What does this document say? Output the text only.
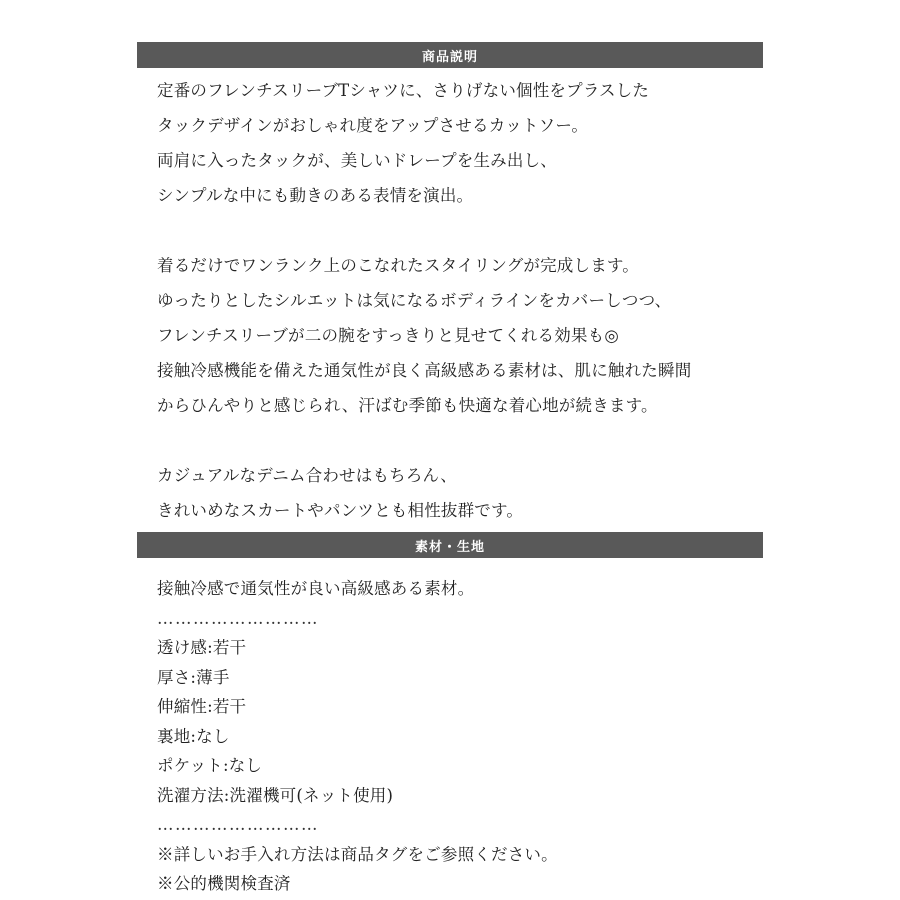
商品説明
定番のフレンチスリーブTシャツに、さりげない個性をプラスした
タックデザインがおしゃれ度をアップさせるカットソー。
両肩に入ったタックが、美しいドレープを生み出し、
シンプルな中にも動きのある表情を演出。
着るだけでワンランク上のこなれたスタイリングが完成します。
ゆったりとしたシルエットは気になるボディラインをカバーしつつ、
フレンチスリーブが二の腕をすっきりと見せてくれる効果も◎
接触冷感機能を備えた通気性が良く高級感ある素材は、肌に触れた瞬間
からひんやりと感じられ、汗ばむ季節も快適な着心地が続きます。
カジュアルなデニム合わせはもちろん、
きれいめなスカートやパンツとも相性抜群です。
素材・生地
接触冷感で通気性が良い高級感ある素材。
………………………
透け感:若干
厚さ:薄手
伸縮性:若干
裏地:なし
ポケット:なし
洗濯方法:洗濯機可(ネット使用)
………………………
※詳しいお手入れ方法は商品タグをご参照ください。
※公的機関検査済
